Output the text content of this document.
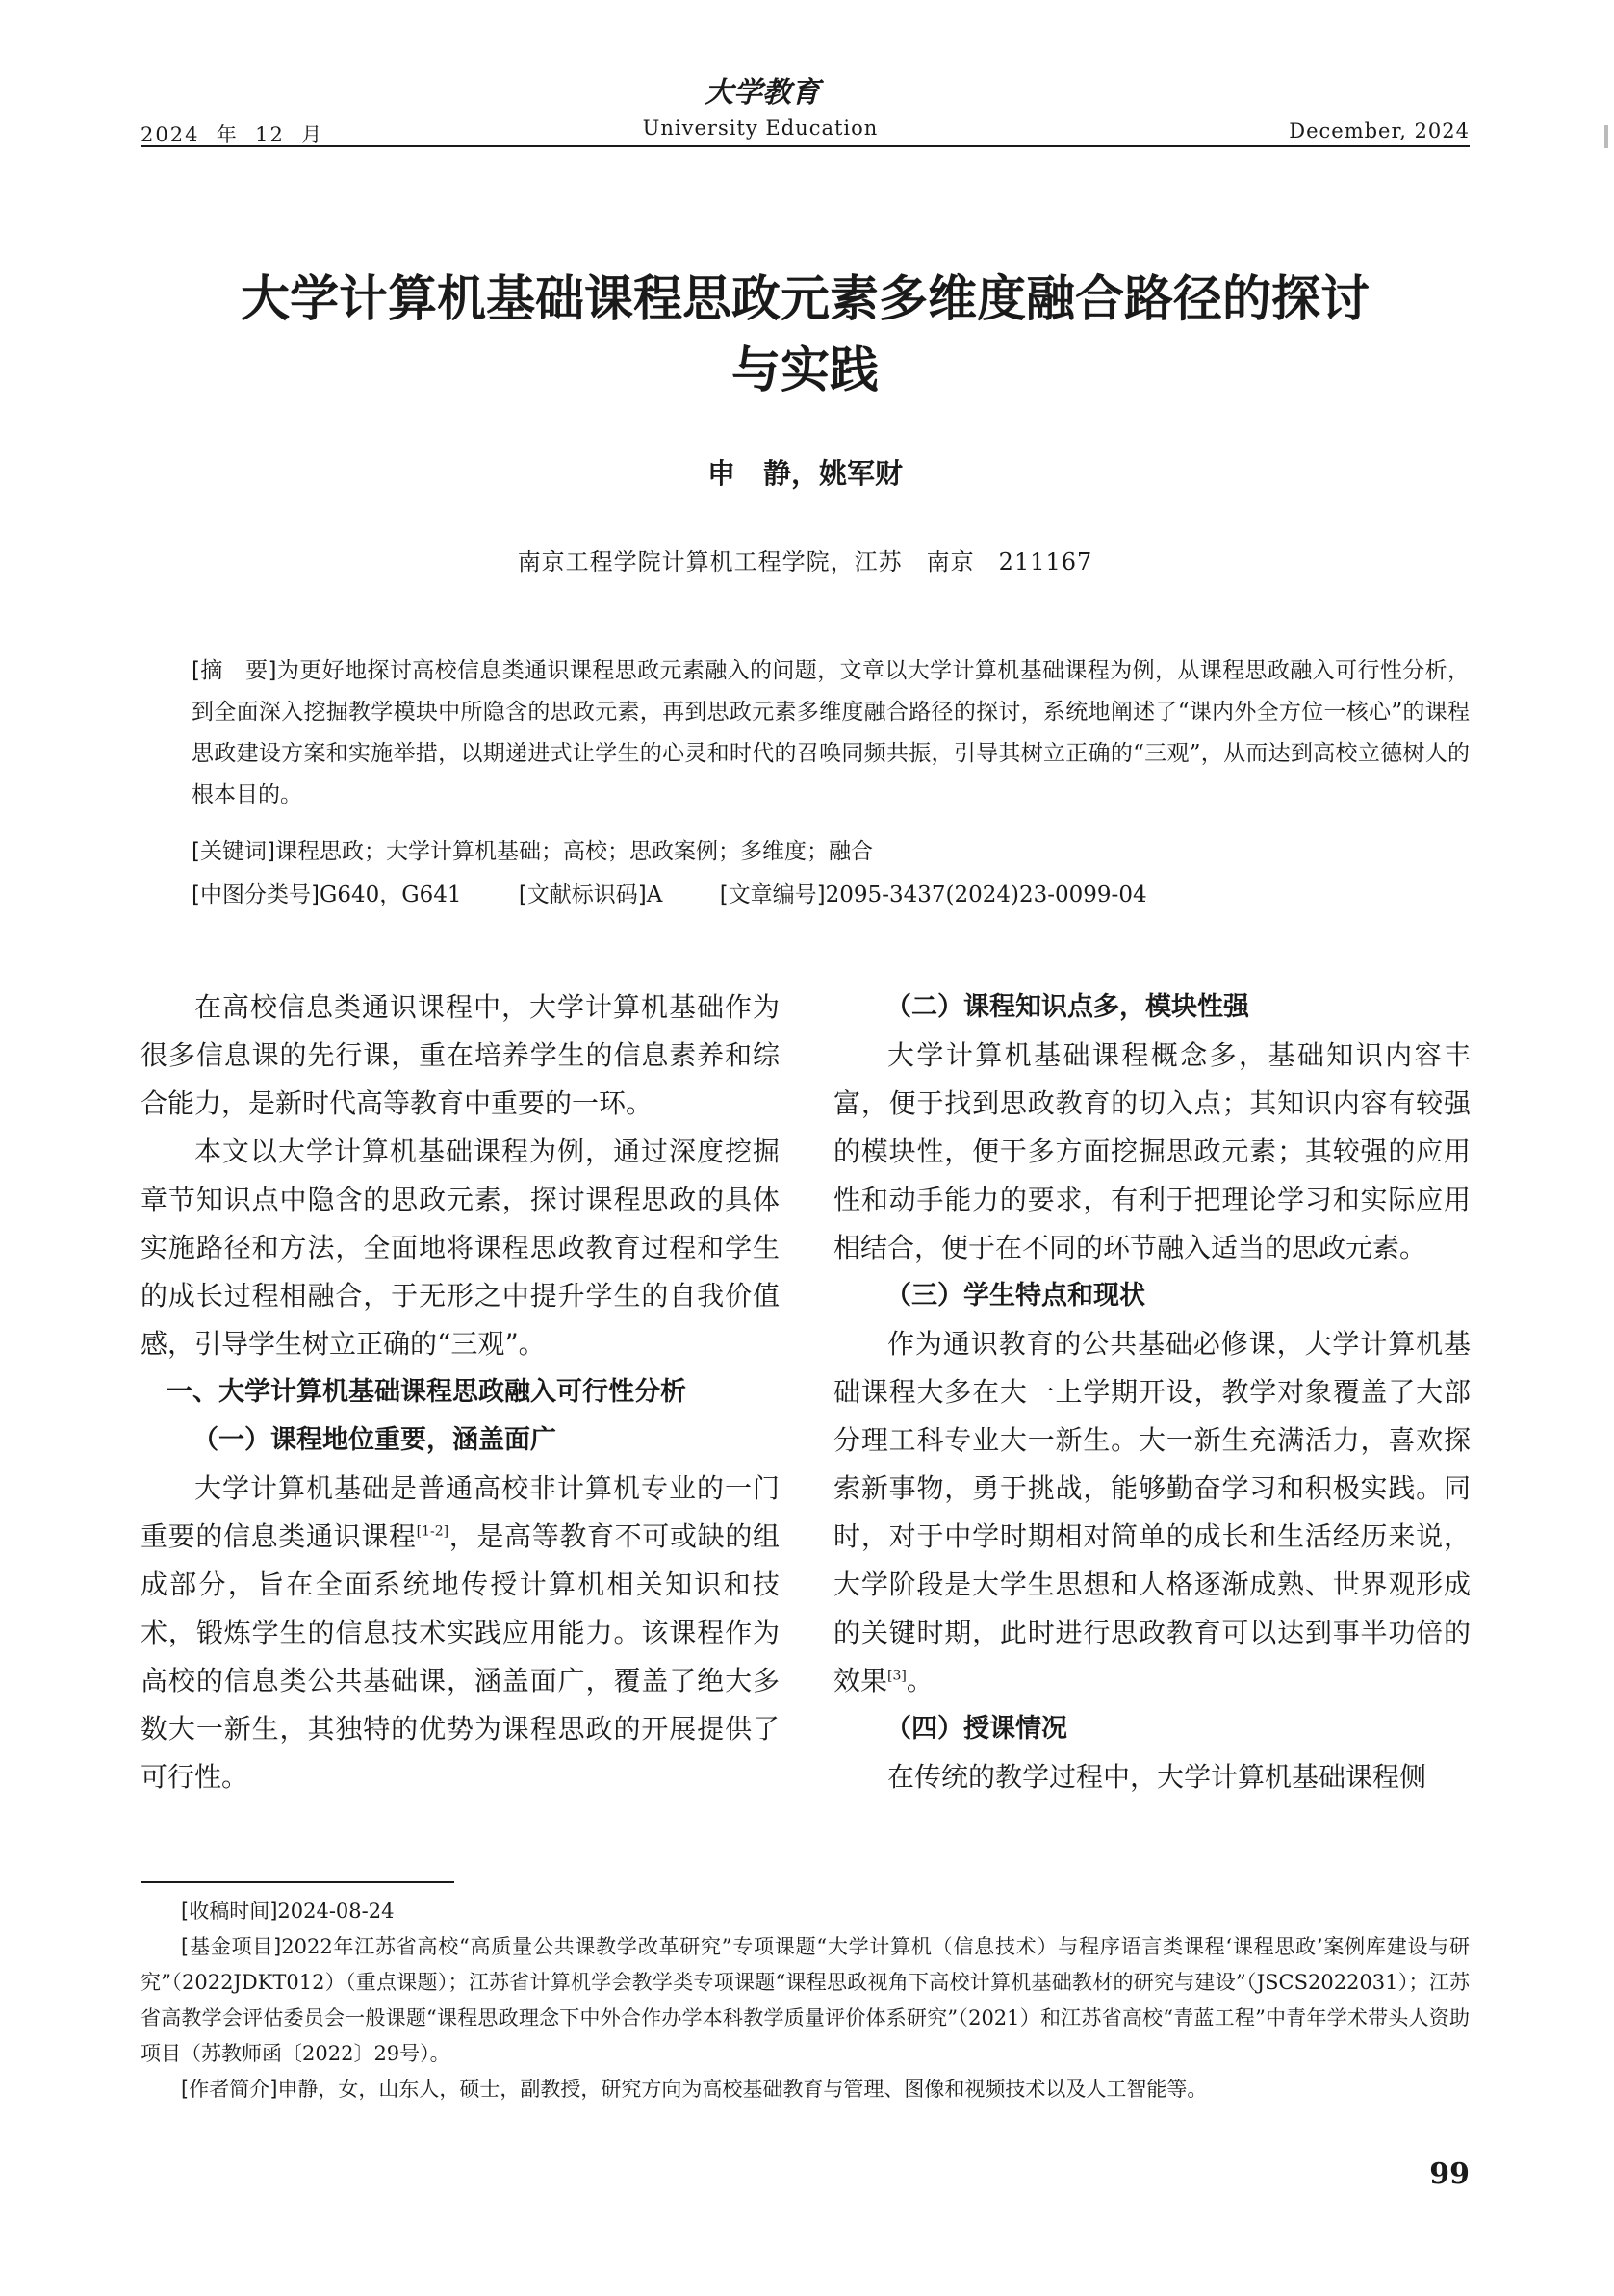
2024  年  12  月
大学教育
University Education	December, 2024
大学计算机基础课程思政元素多维度融合路径的探讨
与实践
申　静，姚军财
南京工程学院计算机工程学院，江苏　南京　211167
[摘　要]为更好地探讨高校信息类通识课程思政元素融入的问题，文章以大学计算机基础课程为例，从课程思政融入可行性分析，到全面深入挖掘教学模块中所隐含的思政元素，再到思政元素多维度融合路径的探讨，系统地阐述了“课内外全方位一核心”的课程思政建设方案和实施举措，以期递进式让学生的心灵和时代的召唤同频共振，引导其树立正确的“三观”，从而达到高校立德树人的根本目的。
[关键词]课程思政；大学计算机基础；高校；思政案例；多维度；融合
[中图分类号]G640，G641	[文献标识码]A	[文章编号]2095-3437(2024)23-0099-04

在高校信息类通识课程中，大学计算机基础作为很多信息课的先行课，重在培养学生的信息素养和综合能力，是新时代高等教育中重要的一环。

本文以大学计算机基础课程为例，通过深度挖掘章节知识点中隐含的思政元素，探讨课程思政的具体实施路径和方法，全面地将课程思政教育过程和学生的成长过程相融合，于无形之中提升学生的自我价值感，引导学生树立正确的“三观”。

一、大学计算机基础课程思政融入可行性分析

（一）课程地位重要，涵盖面广

大学计算机基础是普通高校非计算机专业的一门重要的信息类通识课程[1-2]，是高等教育不可或缺的组成部分，旨在全面系统地传授计算机相关知识和技术，锻炼学生的信息技术实践应用能力。该课程作为高校的信息类公共基础课，涵盖面广，覆盖了绝大多数大一新生，其独特的优势为课程思政的开展提供了可行性。

（二）课程知识点多，模块性强

大学计算机基础课程概念多，基础知识内容丰富，便于找到思政教育的切入点；其知识内容有较强的模块性，便于多方面挖掘思政元素；其较强的应用性和动手能力的要求，有利于把理论学习和实际应用相结合，便于在不同的环节融入适当的思政元素。

（三）学生特点和现状

作为通识教育的公共基础必修课，大学计算机基础课程大多在大一上学期开设，教学对象覆盖了大部分理工科专业大一新生。大一新生充满活力，喜欢探索新事物，勇于挑战，能够勤奋学习和积极实践。同时，对于中学时期相对简单的成长和生活经历来说，大学阶段是大学生思想和人格逐渐成熟、世界观形成的关键时期，此时进行思政教育可以达到事半功倍的效果[3]。

（四）授课情况

在传统的教学过程中，大学计算机基础课程侧

[收稿时间]2024-08-24
[基金项目]2022年江苏省高校“高质量公共课教学改革研究”专项课题“大学计算机（信息技术）与程序语言类课程‘课程思政’案例库建设与研究”（2022JDKT012）（重点课题）；江苏省计算机学会教学类专项课题“课程思政视角下高校计算机基础教材的研究与建设”（JSCS2022031）；江苏省高教学会评估委员会一般课题“课程思政理念下中外合作办学本科教学质量评价体系研究”（2021）和江苏省高校“青蓝工程”中青年学术带头人资助项目（苏教师函〔2022〕29号）。
[作者简介]申静，女，山东人，硕士，副教授，研究方向为高校基础教育与管理、图像和视频技术以及人工智能等。
99
